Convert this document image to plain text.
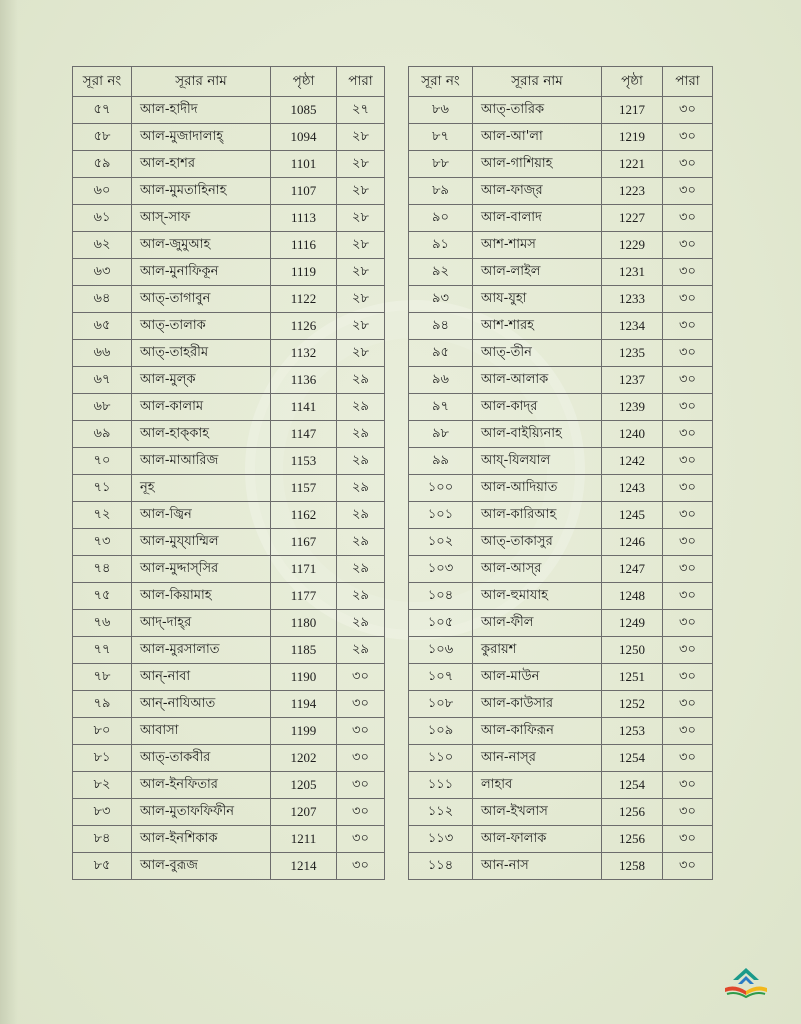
সূরা নং	সূরার নাম	পৃষ্ঠা	পারা		সূরা নং	সূরার নাম	পৃষ্ঠা	পারা
৫৭	আল-হাদীদ	1085	২৭		৮৬	আত্-তারিক	1217	৩০
৫৮	আল-মুজাদালাহ্	1094	২৮		৮৭	আল-আ'লা	1219	৩০
৫৯	আল-হাশর	1101	২৮		৮৮	আল-গাশিয়াহ	1221	৩০
৬০	আল-মুমতাহিনাহ	1107	২৮		৮৯	আল-ফাজ্‌র	1223	৩০
৬১	আস্-সাফ	1113	২৮		৯০	আল-বালাদ	1227	৩০
৬২	আল-জুমুআহ	1116	২৮		৯১	আশ-শামস	1229	৩০
৬৩	আল-মুনাফিকূন	1119	২৮		৯২	আল-লাইল	1231	৩০
৬৪	আত্-তাগাবুন	1122	২৮		৯৩	আয-যুহা	1233	৩০
৬৫	আত্-তালাক	1126	২৮		৯৪	আশ-শারহ	1234	৩০
৬৬	আত্-তাহরীম	1132	২৮		৯৫	আত্-তীন	1235	৩০
৬৭	আল-মুল্‌ক	1136	২৯		৯৬	আল-আলাক	1237	৩০
৬৮	আল-কালাম	1141	২৯		৯৭	আল-কাদ্‌র	1239	৩০
৬৯	আল-হাক্‌কাহ	1147	২৯		৯৮	আল-বাইয়্যিনাহ	1240	৩০
৭০	আল-মাআরিজ	1153	২৯		৯৯	আয্-যিলযাল	1242	৩০
৭১	নূহ	1157	২৯		১০০	আল-আদিয়াত	1243	৩০
৭২	আল-জ্বিন	1162	২৯		১০১	আল-কারিআহ	1245	৩০
৭৩	আল-মুয্‌যাম্মিল	1167	২৯		১০২	আত্-তাকাসুর	1246	৩০
৭৪	আল-মুদ্দাস্‌সির	1171	২৯		১০৩	আল-আস্‌র	1247	৩০
৭৫	আল-কিয়ামাহ	1177	২৯		১০৪	আল-হুমাযাহ	1248	৩০
৭৬	আদ্-দাহ্‌র	1180	২৯		১০৫	আল-ফীল	1249	৩০
৭৭	আল-মুরসালাত	1185	২৯		১০৬	কুরায়শ	1250	৩০
৭৮	আন্-নাবা	1190	৩০		১০৭	আল-মাউন	1251	৩০
৭৯	আন্-নাযিআত	1194	৩০		১০৮	আল-কাউসার	1252	৩০
৮০	আবাসা	1199	৩০		১০৯	আল-কাফিরূন	1253	৩০
৮১	আত্-তাকবীর	1202	৩০		১১০	আন-নাস্‌র	1254	৩০
৮২	আল-ইনফিতার	1205	৩০		১১১	লাহাব	1254	৩০
৮৩	আল-মুতাফফিফীন	1207	৩০		১১২	আল-ইখলাস	1256	৩০
৮৪	আল-ইনশিকাক	1211	৩০		১১৩	আল-ফালাক	1256	৩০
৮৫	আল-বুরূজ	1214	৩০		১১৪	আন-নাস	1258	৩০
